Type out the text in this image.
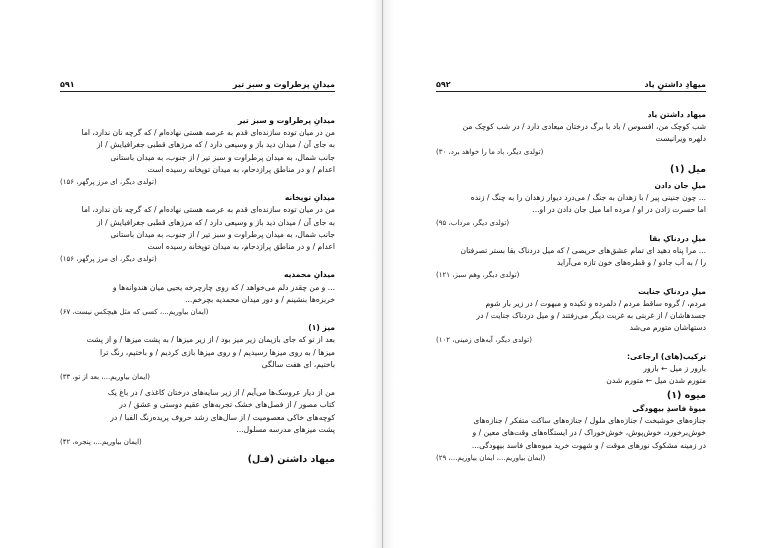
میدانِ پرطراوت و سبز تیر
۵۹۱
میدانِ پرطراوت و سبز تیر
من در میان توده سازنده‌ای قدم به عرصه هستی نهاده‌ام / که گرچه نان ندارد، اما
به جای آن / میدان دید باز و وسیعی دارد / که مرزهای قطبی جغرافیایش / از
جانب شمال، به میدان پرطراوت و سبز تیر / از جنوب، به میدان باستانی
اعدام / و در مناطق پرازدحام، به میدان توپخانه رسیده است
(تولدی دیگر، ای مرز پرگهر، ۱۵۶)
میدانِ توپخانه
من در میان توده سازنده‌ای قدم به عرصه هستی نهاده‌ام / که گرچه نان ندارد، اما
به جای آن / میدان دید باز و وسیعی دارد / که مرزهای قطبی جغرافیایش / از
جانب شمال، به میدان پرطراوت و سبز تیر / از جنوب، به میدان باستانی
اعدام / و در مناطق پرازدحام، به میدان توپخانه رسیده است
(تولدی دیگر، ای مرز پرگهر، ۱۵۶)
میدانِ محمدیه
... و من چقدر دلم می‌خواهد / که روی چارچرخه یحیی میان هندوانه‌ها و
خربزه‌ها بنشینم / و دور میدان محمدیه بچرخم...
(ایمان بیاوریم...، کسی که مثل هیچکس نیست، ۶۷)
میز (۱)
بعد از تو که جای بازیمان زیر میز بود / از زیر میزها / به پشت میزها / و از پشت
میزها / به روی میزها رسیدیم / و روی میزها بازی کردیم / و باختیم، رنگ ترا
باختیم، ای هفت سالگی
(ایمان بیاوریم...، بعد از تو، ۳۳)
من از دیار عروسک‌ها می‌آیم / از زیر سایه‌های درختان کاغذی / در باغ یک
کتاب مصور / از فصل‌های خشک تجربه‌های عقیم دوستی و عشق / در
کوچه‌های خاکی معصومیت / از سال‌های رشد حروف پریده‌رنگ الفبا / در
پشت میزهای مدرسه مسلول...
(ایمان بیاوریم...، پنجره، ۴۲)
میهاد داشتن (فـ‌ل)
میهادِ داشتنِ یاد
۵۹۲
میهاد داشتن یاد
شب کوچک من، افسوس / باد با برگ درختان میعادی دارد / در شب کوچک من
دلهره ویرانیست
(تولدی دیگر، باد ما را خواهد برد، ۳۰)
میل (۱)
میلِ جان دادن
... چون جنینی پیر / با زهدان به جنگ / می‌درد دیوار زهدان را به چنگ / زنده
اما حسرت زادن در او / مرده اما میل جان دادن در او...
(تولدی دیگر، مرداب، ۹۵)
میلِ دردناکِ بقا
... مرا پناه دهید ای تمام عشق‌های حریصی / که میل دردناک بقا بستر تصرفتان
را / به آب جادو / و قطره‌های خون تازه می‌آراید
(تولدی دیگر، وهم سبز، ۱۲۱)
میلِ دردناکِ جنایت
مردم، / گروه ساقط مردم / دلمرده و تکیده و مبهوت / در زیر بار شوم
جسدهاشان / از غربتی به غربت دیگر می‌رفتند / و میل دردناک جنایت / در
دستهاشان متورم می‌شد
(تولدی دیگر، آیه‌های زمینی، ۱۰۲)
ترکیب(های) ارجاعی:
بارور ز میل ← بارور
متورم شدن میل ← متورم شدن
میوه (۱)
میوهٔ فاسدِ بیهودگی
جنازه‌های خوشبخت / جنازه‌های ملول / جنازه‌های ساکت متفکر / جنازه‌های
خوش‌برخورد، خوش‌پوش، خوش‌خوراک / در ایستگاه‌های وقت‌های معین / و
در زمینه مشکوک نورهای موقت / و شهوت خرید میوه‌های فاسد بیهودگی...
(ایمان بیاوریم...، ایمان بیاوریم...، ۲۹)
